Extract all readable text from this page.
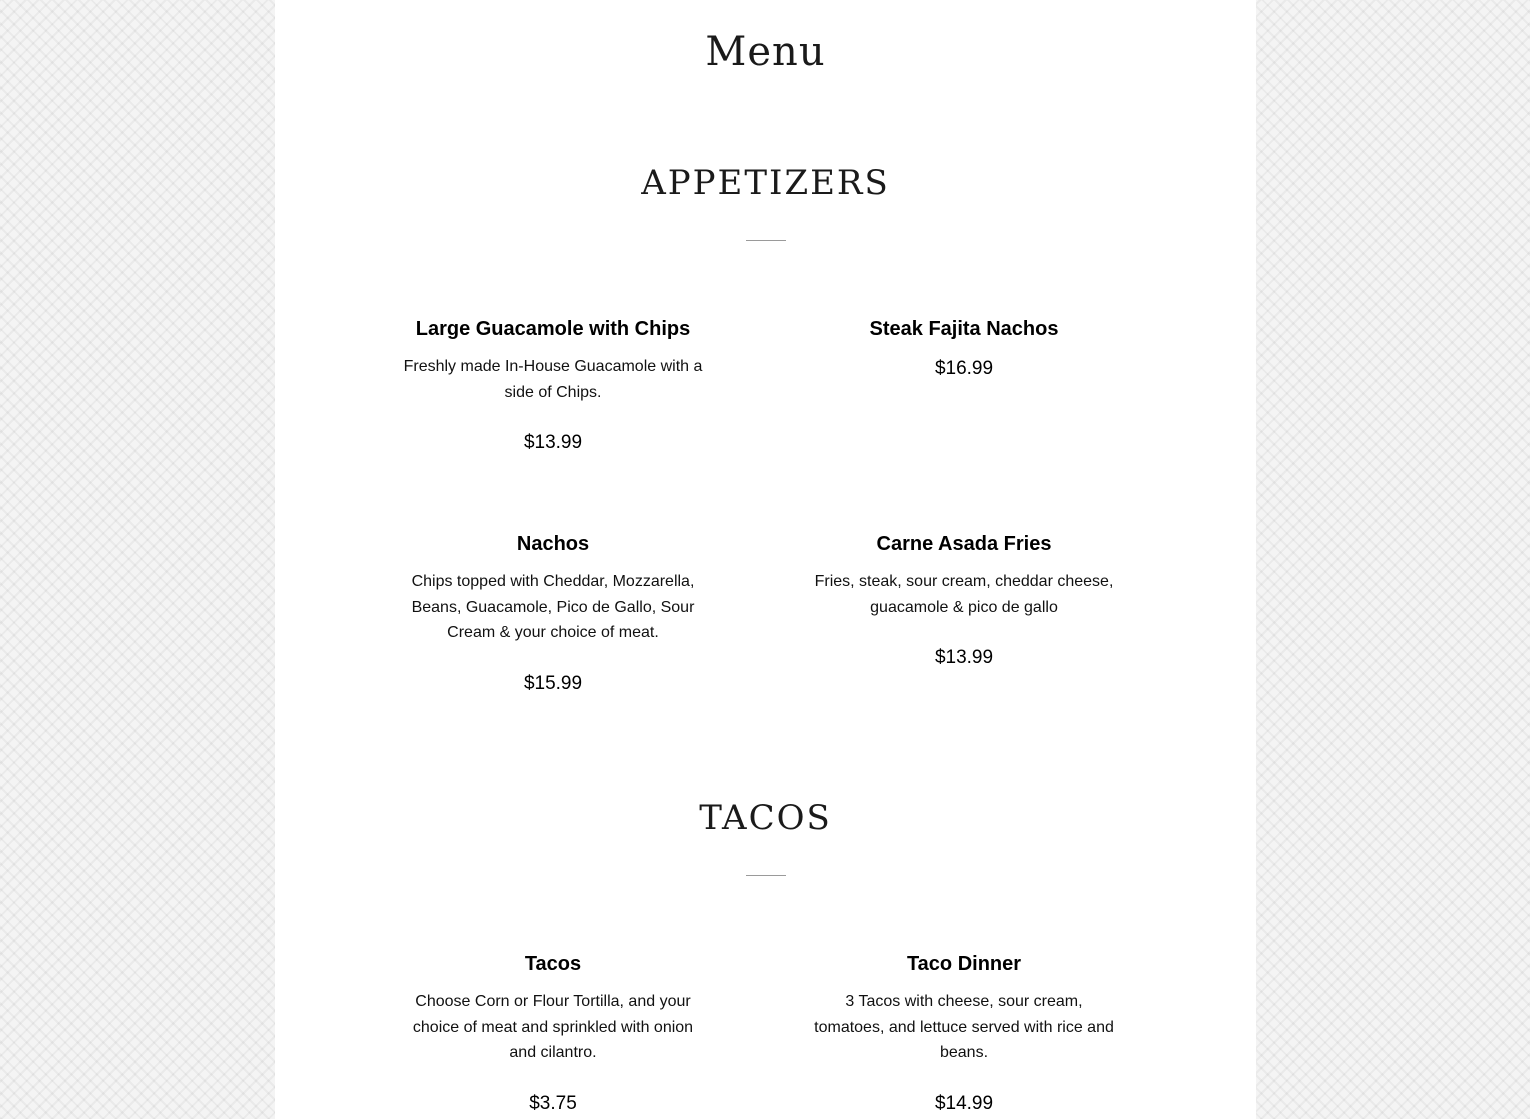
Menu
APPETIZERS

Large Guacamole with Chips

Freshly made In-House Guacamole with a side of Chips.

$13.99

Steak Fajita Nachos

$16.99

Nachos

Chips topped with Cheddar, Mozzarella, Beans, Guacamole, Pico de Gallo, Sour Cream & your choice of meat.

$15.99

Carne Asada Fries

Fries, steak, sour cream, cheddar cheese, guacamole & pico de gallo

$13.99
TACOS

Tacos

Choose Corn or Flour Tortilla, and your choice of meat and sprinkled with onion and cilantro.

$3.75

Taco Dinner

3 Tacos with cheese, sour cream, tomatoes, and lettuce served with rice and beans.

$14.99
